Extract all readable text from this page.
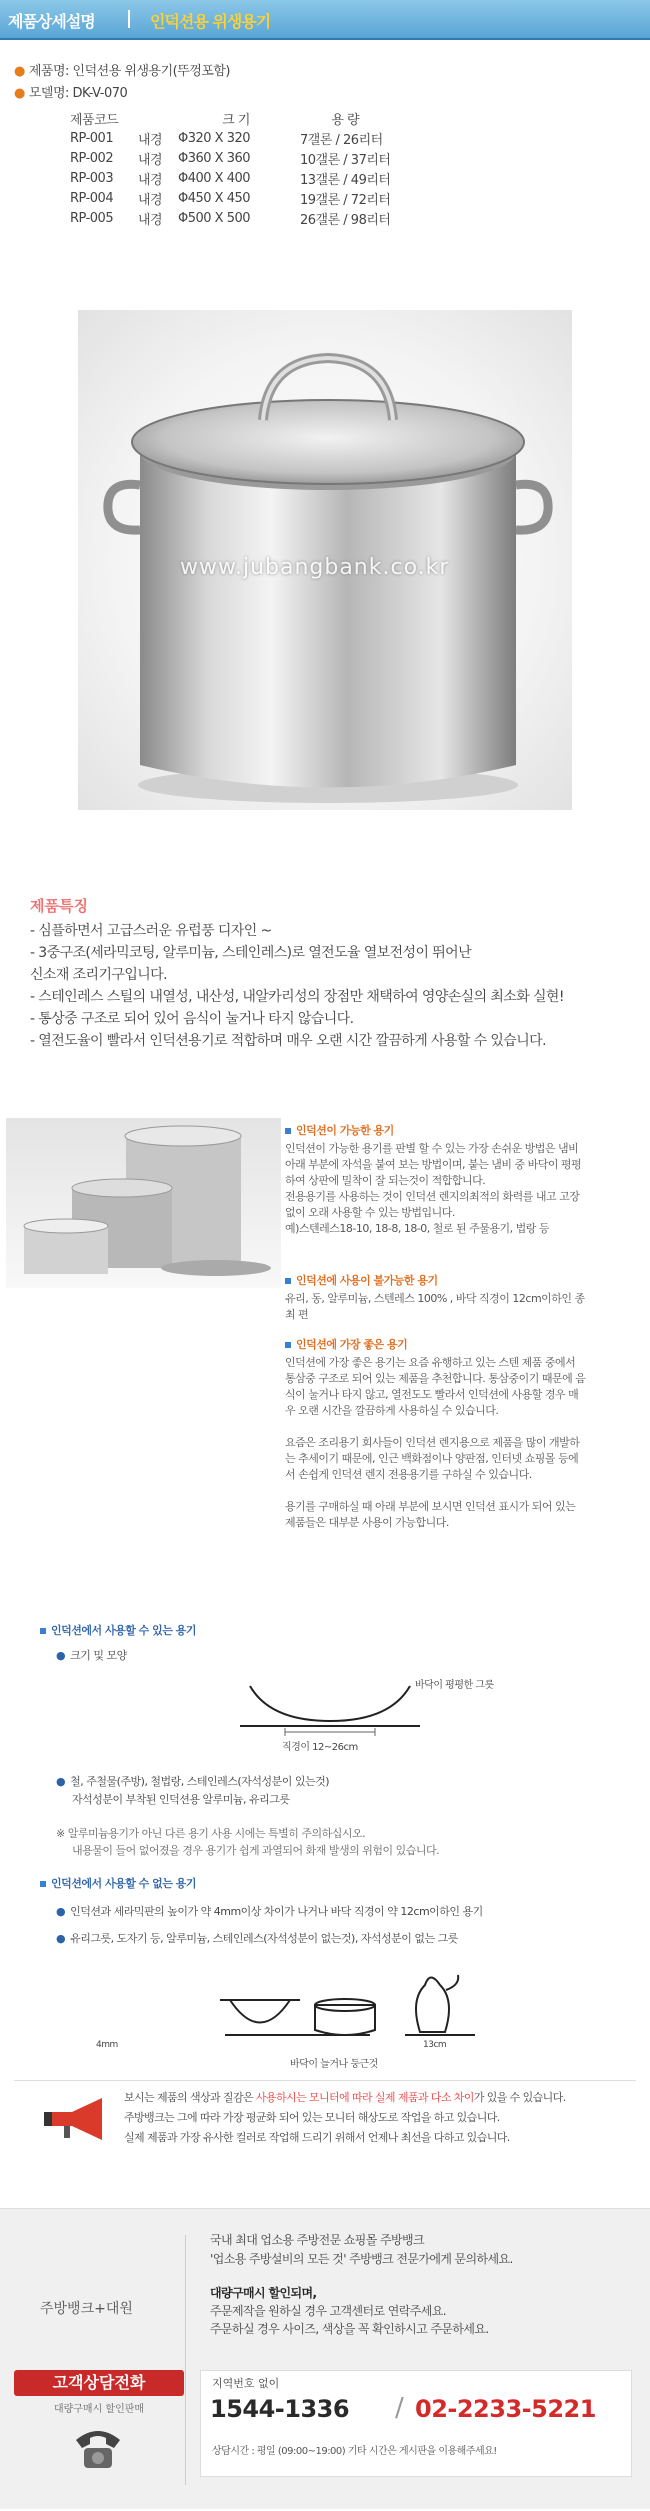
제품상세설명	인덕션용 위생용기
● 제품명: 인덕션용 위생용기(뚜껑포함)
● 모델명: DK-V-070
제품코드		크 기	용 량
RP-001	내경	Φ320 X 320	7갤론 / 26리터
RP-002	내경	Φ360 X 360	10갤론 / 37리터
RP-003	내경	Φ400 X 400	13갤론 / 49리터
RP-004	내경	Φ450 X 450	19갤론 / 72리터
RP-005	내경	Φ500 X 500	26갤론 / 98리터
www.jubangbank.co.kr
제품특징
- 심플하면서 고급스러운 유럽풍 디자인 ~
- 3중구조(세라믹코팅, 알루미늄, 스테인레스)로 열전도율 열보전성이 뛰어난
신소재 조리기구입니다.
- 스테인레스 스틸의 내열성, 내산성, 내알카리성의 장점만 채택하여 영양손실의 최소화 실현!
- 통상중 구조로 되어 있어 음식이 눌거나 타지 않습니다.
- 열전도율이 빨라서 인덕션용기로 적합하며 매우 오랜 시간 깔끔하게 사용할 수 있습니다.
인덕션이 가능한 용기
인덕션이 가능한 용기를 판별 할 수 있는 가장 손쉬운 방법은 냄비
아래 부분에 자석을 붙여 보는 방법이며, 붙는 냄비 중 바닥이 평평
하여 상판에 밀착이 잘 되는것이 적합합니다.
전용용기를 사용하는 것이 인덕션 렌지의최적의 화력를 내고 고장
없이 오래 사용할 수 있는 방법입니다.
예)스텐레스18-10, 18-8, 18-0, 철로 된 주물용기, 법랑 등
인덕션에 사용이 불가능한 용기
유리, 동, 알루미늄, 스텐레스 100% , 바닥 직경이 12cm이하인 종
최 편
인덕션에 가장 좋은 용기
인덕션에 가장 좋은 용기는 요즘 유행하고 있는 스텐 제품 중에서
통삼중 구조로 되어 있는 제품을 추천합니다. 통삼중이기 때문에 음
식이 눌거나 타지 않고, 열전도도 빨라서 인덕션에 사용할 경우 매
우 오랜 시간을 깔끔하게 사용하실 수 있습니다.

요즘은 조리용기 회사들이 인덕션 렌지용으로 제품을 많이 개발하
는 추세이기 때문에, 인근 백화점이나 양판점, 인터넷 쇼핑몰 등에
서 손쉽게 인덕션 렌지 전용용기를 구하실 수 있습니다.

용기를 구매하실 때 아래 부분에 보시면 인덕션 표시가 되어 있는
제품들은 대부분 사용이 가능합니다.
인덕션에서 사용할 수 있는 용기
● 크기 및 모양
바닥이 평평한 그릇
직경이 12~26cm
● 철, 주철물(주방), 철법랑, 스테인레스(자석성분이 있는것)
자석성분이 부착된 인덕션용 알루미늄, 유리그릇
※ 알루미늄용기가 아닌 다른 용기 사용 시에는 특별히 주의하십시오.
내용물이 들어 없어졌을 경우 용기가 쉽게 과열되어 화재 발생의 위험이 있습니다.
인덕션에서 사용할 수 없는 용기
● 인덕션과 세라믹판의 높이가 약 4mm이상 차이가 나거나 바닥 직경이 약 12cm이하인 용기
● 유리그릇, 도자기 등, 알루미늄, 스테인레스(자석성분이 없는것), 자석성분이 없는 그릇
4mm	13cm
바닥이 늘거나 둥근것
보시는 제품의 색상과 질감은 사용하시는 모니터에 따라 실제 제품과 다소 차이가 있을 수 있습니다.
주방뱅크는 그에 따라 가장 평균화 되어 있는 모니터 해상도로 작업을 하고 있습니다.
실제 제품과 가장 유사한 컬러로 작업해 드리기 위해서 언제나 최선을 다하고 있습니다.
주방뱅크+대원
국내 최대 업소용 주방전문 쇼핑몰 주방뱅크
'업소용 주방설비의 모든 것' 주방뱅크 전문가에게 문의하세요.
대량구매시 할인되며,
주문제작을 원하실 경우 고객센터로 연락주세요.
주문하실 경우 사이즈, 색상을 꼭 확인하시고 주문하세요.
고객상담전화
대량구매시 할인판매
지역번호 없이
1544-1336 / 02-2233-5221
상담시간 : 평일 (09:00~19:00) 기타 시간은 게시판을 이용해주세요!
